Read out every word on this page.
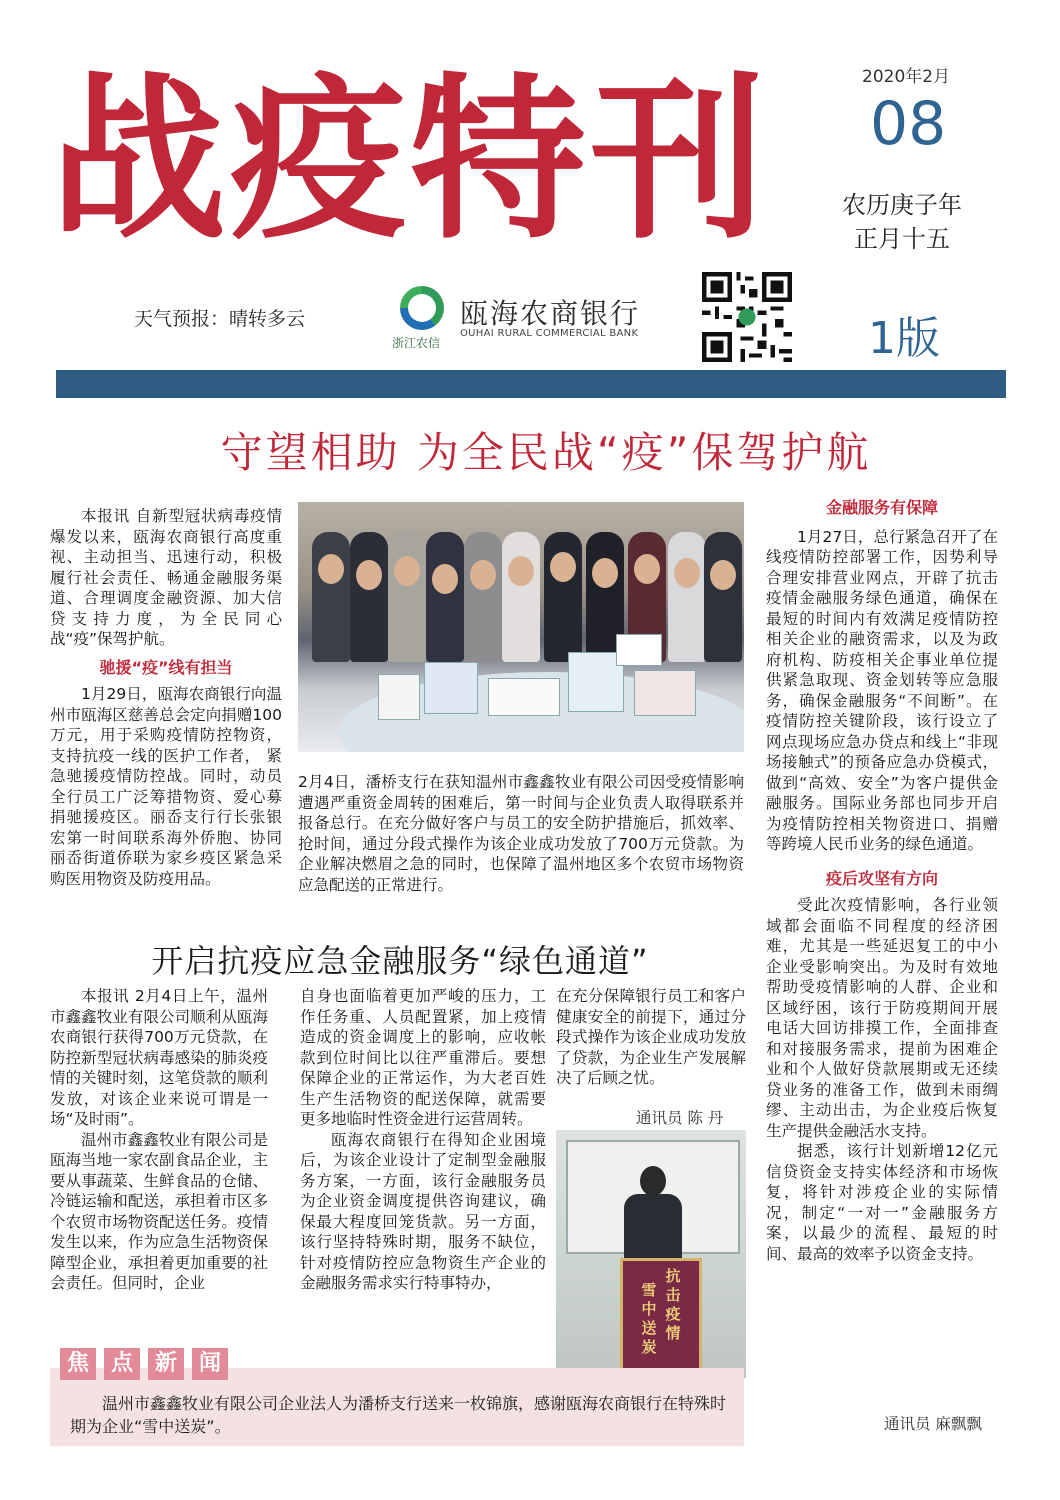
战疫特刊	2020年2月
08
农历庚子年
正月十五
天气预报：晴转多云
浙江农信
瓯海农商银行
OUHAI RURAL COMMERCIAL BANK	1版
守望相助 为全民战“疫”保驾护航

本报讯 自新型冠状病毒疫情爆发以来，瓯海农商银行高度重视、主动担当、迅速行动，积极履行社会责任、畅通金融服务渠道、合理调度金融资源、加大信贷支持力度，为全民同心战“疫”保驾护航。

驰援“疫”线有担当

1月29日，瓯海农商银行向温州市瓯海区慈善总会定向捐赠100万元，用于采购疫情防控物资，支持抗疫一线的医护工作者， 紧急驰援疫情防控战。同时，动员全行员工广泛筹措物资、爱心募捐驰援疫区。丽岙支行行长张银宏第一时间联系海外侨胞、协同丽岙街道侨联为家乡疫区紧急采购医用物资及防疫用品。

2月4日，潘桥支行在获知温州市鑫鑫牧业有限公司因受疫情影响遭遇严重资金周转的困难后，第一时间与企业负责人取得联系并报备总行。在充分做好客户与员工的安全防护措施后，抓效率、抢时间，通过分段式操作为该企业成功发放了700万元贷款。为企业解决燃眉之急的同时，也保障了温州地区多个农贸市场物资应急配送的正常进行。

金融服务有保障

1月27日，总行紧急召开了在线疫情防控部署工作，因势利导合理安排营业网点，开辟了抗击疫情金融服务绿色通道，确保在最短的时间内有效满足疫情防控相关企业的融资需求，以及为政府机构、防疫相关企事业单位提供紧急取现、资金划转等应急服务，确保金融服务“不间断”。在疫情防控关键阶段，该行设立了网点现场应急办贷点和线上“非现场接触式”的预备应急办贷模式，做到“高效、安全”为客户提供金融服务。国际业务部也同步开启为疫情防控相关物资进口、捐赠等跨境人民币业务的绿色通道。

疫后攻坚有方向

受此次疫情影响，各行业领域都会面临不同程度的经济困难，尤其是一些延迟复工的中小企业受影响突出。为及时有效地帮助受疫情影响的人群、企业和区域纾困，该行于防疫期间开展电话大回访排摸工作，全面排查和对接服务需求，提前为困难企业和个人做好贷款展期或无还续贷业务的准备工作，做到未雨绸缪、主动出击，为企业疫后恢复生产提供金融活水支持。

据悉，该行计划新增12亿元信贷资金支持实体经济和市场恢复，将针对涉疫企业的实际情况，制定“一对一”金融服务方案，以最少的流程、最短的时间、最高的效率予以资金支持。

通讯员 麻飘飘
开启抗疫应急金融服务“绿色通道”

本报讯 2月4日上午，温州市鑫鑫牧业有限公司顺利从瓯海农商银行获得700万元贷款，在防控新型冠状病毒感染的肺炎疫情的关键时刻，这笔贷款的顺利发放，对该企业来说可谓是一场“及时雨”。

温州市鑫鑫牧业有限公司是瓯海当地一家农副食品企业，主要从事蔬菜、生鲜食品的仓储、冷链运输和配送，承担着市区多个农贸市场物资配送任务。疫情发生以来，作为应急生活物资保障型企业，承担着更加重要的社会责任。但同时，企业

自身也面临着更加严峻的压力，工作任务重、人员配置紧，加上疫情造成的资金调度上的影响，应收帐款到位时间比以往严重滞后。要想保障企业的正常运作，为大老百姓生产生活物资的配送保障，就需要更多地临时性资金进行运营周转。

瓯海农商银行在得知企业困境后，为该企业设计了定制型金融服务方案，一方面，该行金融服务员为企业资金调度提供咨询建议，确保最大程度回笼货款。另一方面，该行坚持特殊时期，服务不缺位，针对疫情防控应急物资生产企业的金融服务需求实行特事特办，

在充分保障银行员工和客户健康安全的前提下，通过分段式操作为该企业成功发放了贷款，为企业生产发展解决了后顾之忧。

通讯员 陈 丹
抗击疫情
雪中送炭
焦 点 新 闻
温州市鑫鑫牧业有限公司企业法人为潘桥支行送来一枚锦旗，感谢瓯海农商银行在特殊时期为企业“雪中送炭”。
